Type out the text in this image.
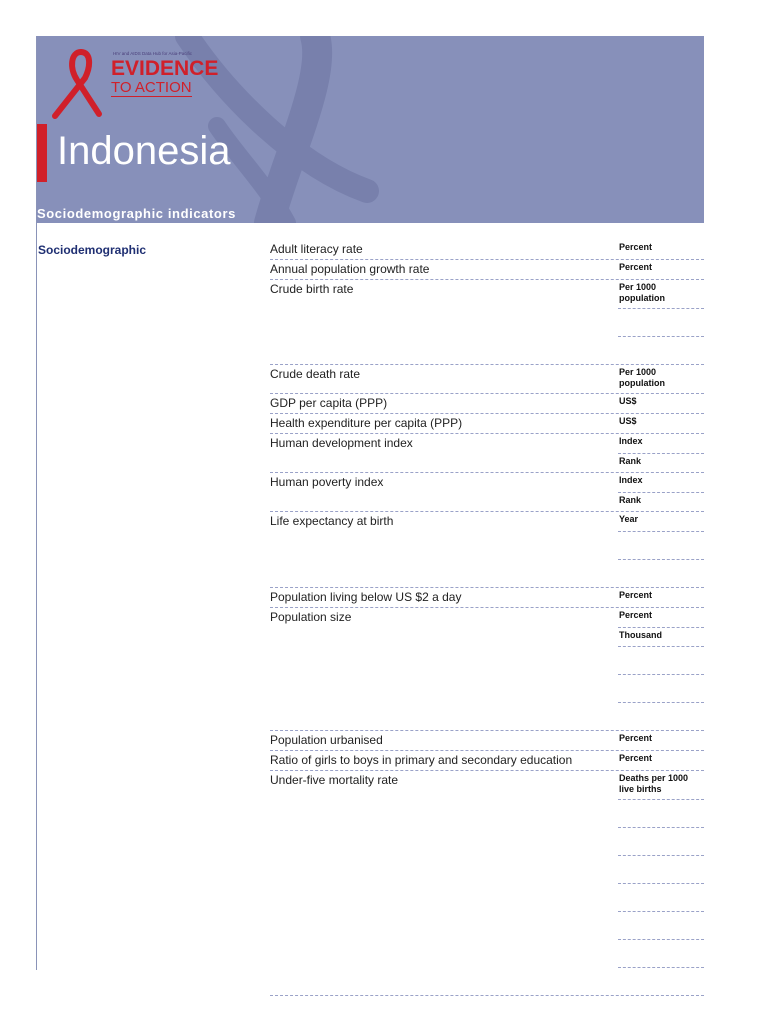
HIV and AIDS Data Hub for Asia-Pacific
EVIDENCE
TO ACTION
Indonesia
Sociodemographic indicators
Sociodemographic	Adult literacy rate	Percent
Annual population growth rate	Percent
Crude birth rate	Per 1000 population
Crude death rate	Per 1000 population
GDP per capita (PPP)	US$
Health expenditure per capita (PPP)	US$
Human development index	Index
Rank
Human poverty index	Index
Rank
Life expectancy at birth	Year
Population living below US $2 a day	Percent
Population size	Percent
Thousand
Population urbanised	Percent
Ratio of girls to boys in primary and secondary education	Percent
Under-five mortality rate	Deaths per 1000 live births
